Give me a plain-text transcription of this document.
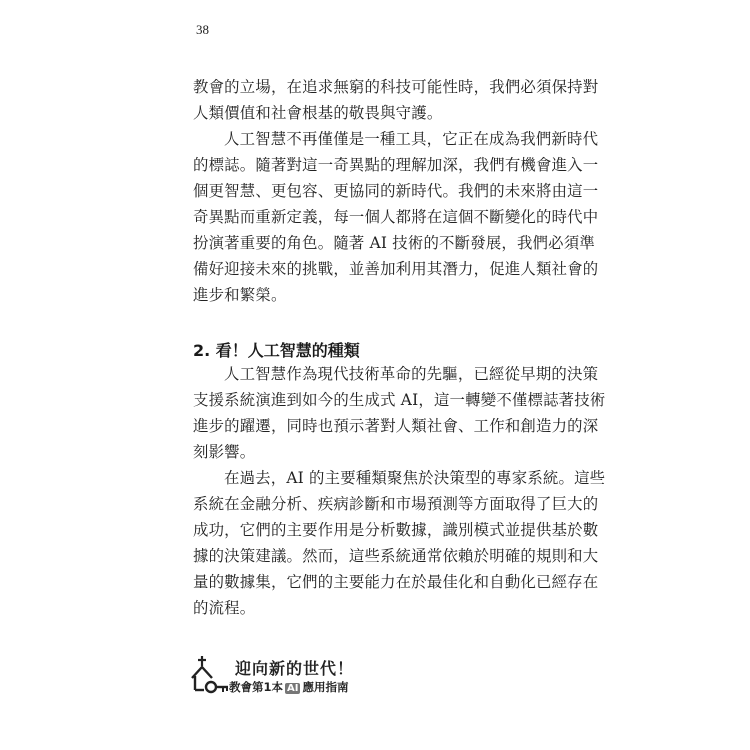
38
教會的立場，在追求無窮的科技可能性時，我們必須保持對
人類價值和社會根基的敬畏與守護。
人工智慧不再僅僅是一種工具，它正在成為我們新時代
的標誌。隨著對這一奇異點的理解加深，我們有機會進入一
個更智慧、更包容、更協同的新時代。我們的未來將由這一
奇異點而重新定義，每一個人都將在這個不斷變化的時代中
扮演著重要的角色。隨著 AI 技術的不斷發展，我們必須準
備好迎接未來的挑戰，並善加利用其潛力，促進人類社會的
進步和繁榮。
2. 看！人工智慧的種類
人工智慧作為現代技術革命的先驅，已經從早期的決策
支援系統演進到如今的生成式 AI，這一轉變不僅標誌著技術
進步的躍遷，同時也預示著對人類社會、工作和創造力的深
刻影響。
在過去，AI 的主要種類聚焦於決策型的專家系統。這些
系統在金融分析、疾病診斷和市場預測等方面取得了巨大的
成功，它們的主要作用是分析數據，識別模式並提供基於數
據的決策建議。然而，這些系統通常依賴於明確的規則和大
量的數據集，它們的主要能力在於最佳化和自動化已經存在
的流程。
迎向新的世代！
教會第1本 AI 應用指南
